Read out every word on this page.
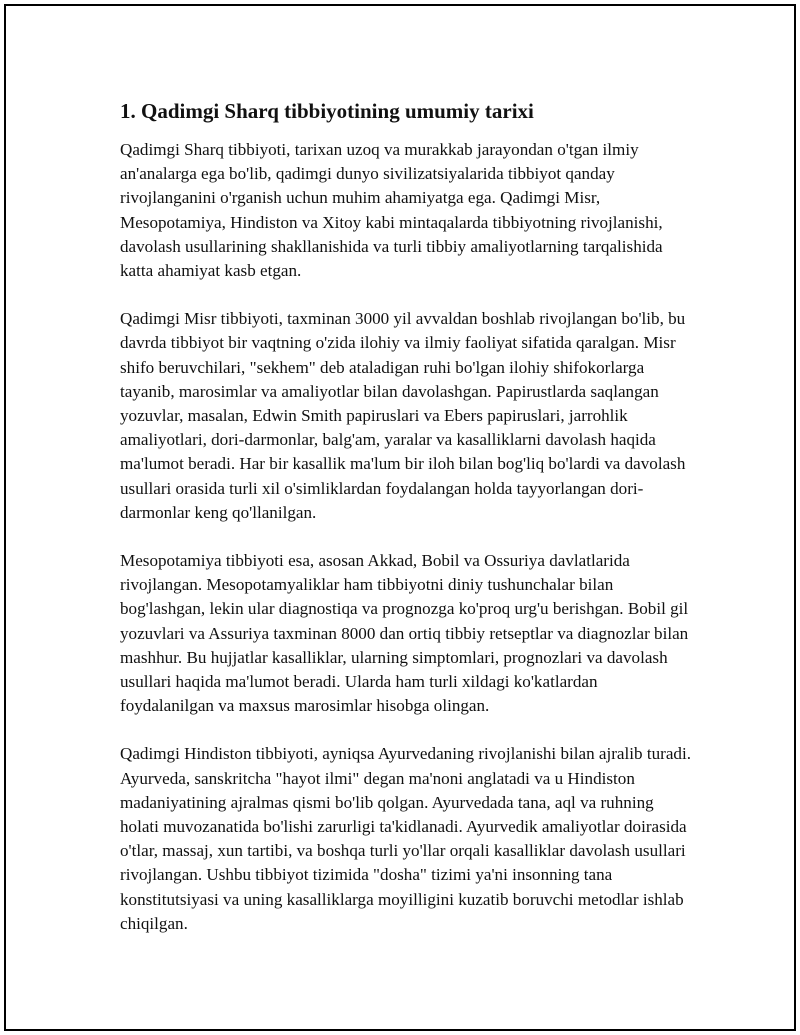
1. Qadimgi Sharq tibbiyotining umumiy tarixi

Qadimgi Sharq tibbiyoti, tarixan uzoq va murakkab jarayondan o'tgan ilmiy an'analarga ega bo'lib, qadimgi dunyo sivilizatsiyalarida tibbiyot qanday rivojlanganini o'rganish uchun muhim ahamiyatga ega. Qadimgi Misr, Mesopotamiya, Hindiston va Xitoy kabi mintaqalarda tibbiyotning rivojlanishi, davolash usullarining shakllanishida va turli tibbiy amaliyotlarning tarqalishida katta ahamiyat kasb etgan.

Qadimgi Misr tibbiyoti, taxminan 3000 yil avvaldan boshlab rivojlangan bo'lib, bu davrda tibbiyot bir vaqtning o'zida ilohiy va ilmiy faoliyat sifatida qaralgan. Misr shifo beruvchilari, "sekhem" deb ataladigan ruhi bo'lgan ilohiy shifokorlarga tayanib, marosimlar va amaliyotlar bilan davolashgan. Papirustlarda saqlangan yozuvlar, masalan, Edwin Smith papiruslari va Ebers papiruslari, jarrohlik amaliyotlari, dori-darmonlar, balg'am, yaralar va kasalliklarni davolash haqida ma'lumot beradi. Har bir kasallik ma'lum bir iloh bilan bog'liq bo'lardi va davolash usullari orasida turli xil o'simliklardan foydalangan holda tayyorlangan dori-darmonlar keng qo'llanilgan.

Mesopotamiya tibbiyoti esa, asosan Akkad, Bobil va Ossuriya davlatlarida rivojlangan. Mesopotamyaliklar ham tibbiyotni diniy tushunchalar bilan bog'lashgan, lekin ular diagnostiqa va prognozga ko'proq urg'u berishgan. Bobil gil yozuvlari va Assuriya taxminan 8000 dan ortiq tibbiy retseptlar va diagnozlar bilan mashhur. Bu hujjatlar kasalliklar, ularning simptomlari, prognozlari va davolash usullari haqida ma'lumot beradi. Ularda ham turli xildagi ko'katlardan foydalanilgan va maxsus marosimlar hisobga olingan.

Qadimgi Hindiston tibbiyoti, ayniqsa Ayurvedaning rivojlanishi bilan ajralib turadi. Ayurveda, sanskritcha "hayot ilmi" degan ma'noni anglatadi va u Hindiston madaniyatining ajralmas qismi bo'lib qolgan. Ayurvedada tana, aql va ruhning holati muvozanatida bo'lishi zarurligi ta'kidlanadi. Ayurvedik amaliyotlar doirasida o'tlar, massaj, xun tartibi, va boshqa turli yo'llar orqali kasalliklar davolash usullari rivojlangan. Ushbu tibbiyot tizimida "dosha" tizimi ya'ni insonning tana konstitutsiyasi va uning kasalliklarga moyilligini kuzatib boruvchi metodlar ishlab chiqilgan.
